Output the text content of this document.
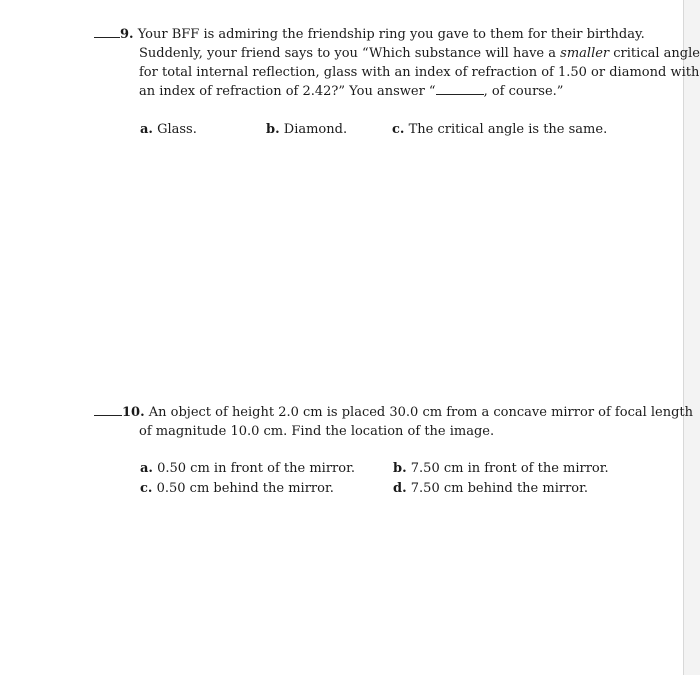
9. Your BFF is admiring the friendship ring you gave to them for their birthday.
Suddenly, your friend says to you “Which substance will have a smaller critical angle
for total internal reflection, glass with an index of refraction of 1.50 or diamond with
an index of refraction of 2.42?” You answer “	, of course.”
a. Glass.	b. Diamond.	c. The critical angle is the same.
10. An object of height 2.0 cm is placed 30.0 cm from a concave mirror of focal length
of magnitude 10.0 cm. Find the location of the image.
a. 0.50 cm in front of the mirror.	b. 7.50 cm in front of the mirror.
c. 0.50 cm behind the mirror.	d. 7.50 cm behind the mirror.
